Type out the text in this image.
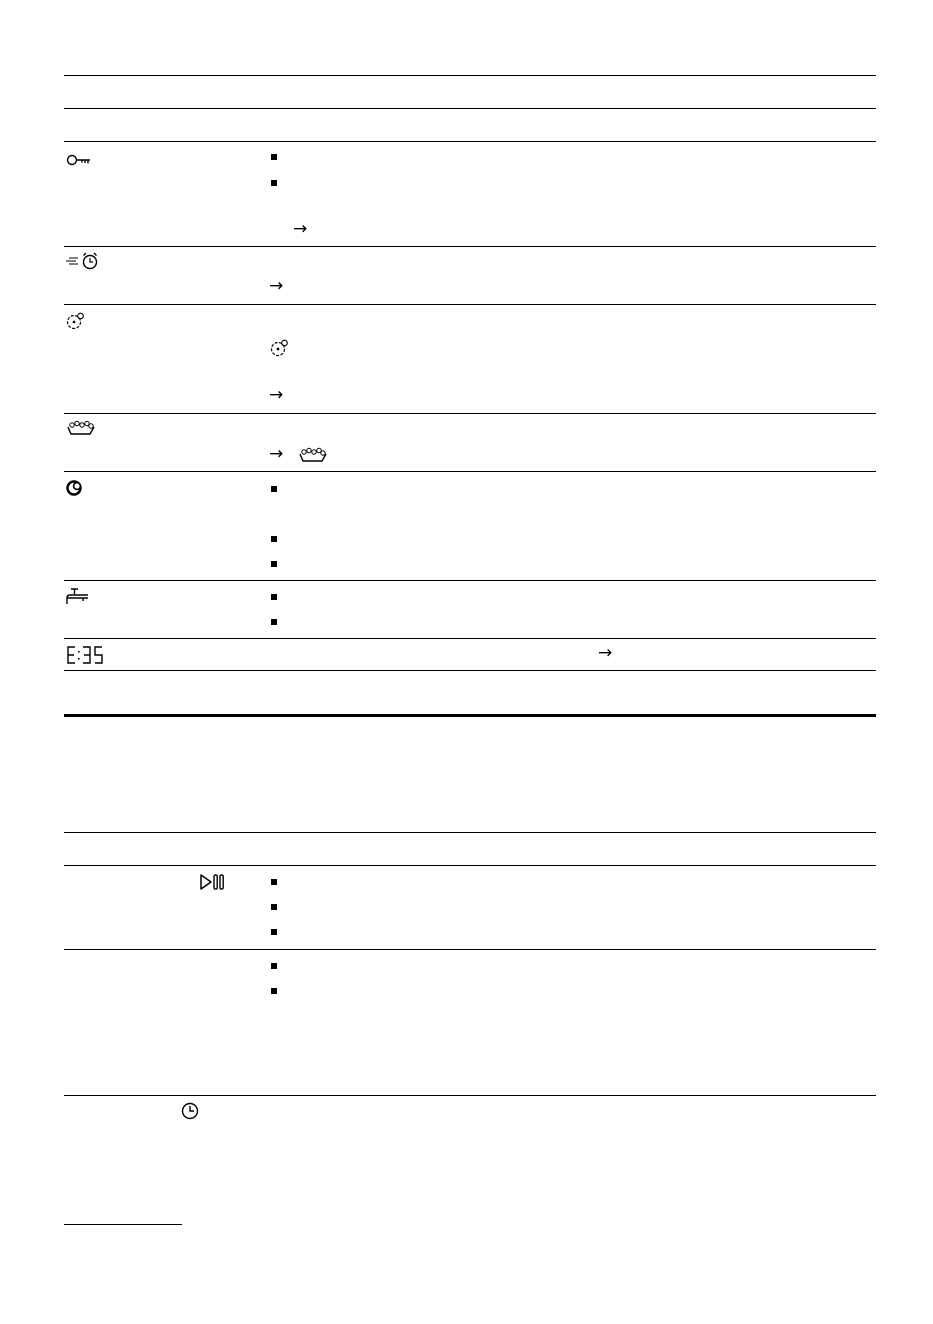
→
→
→
→
→
